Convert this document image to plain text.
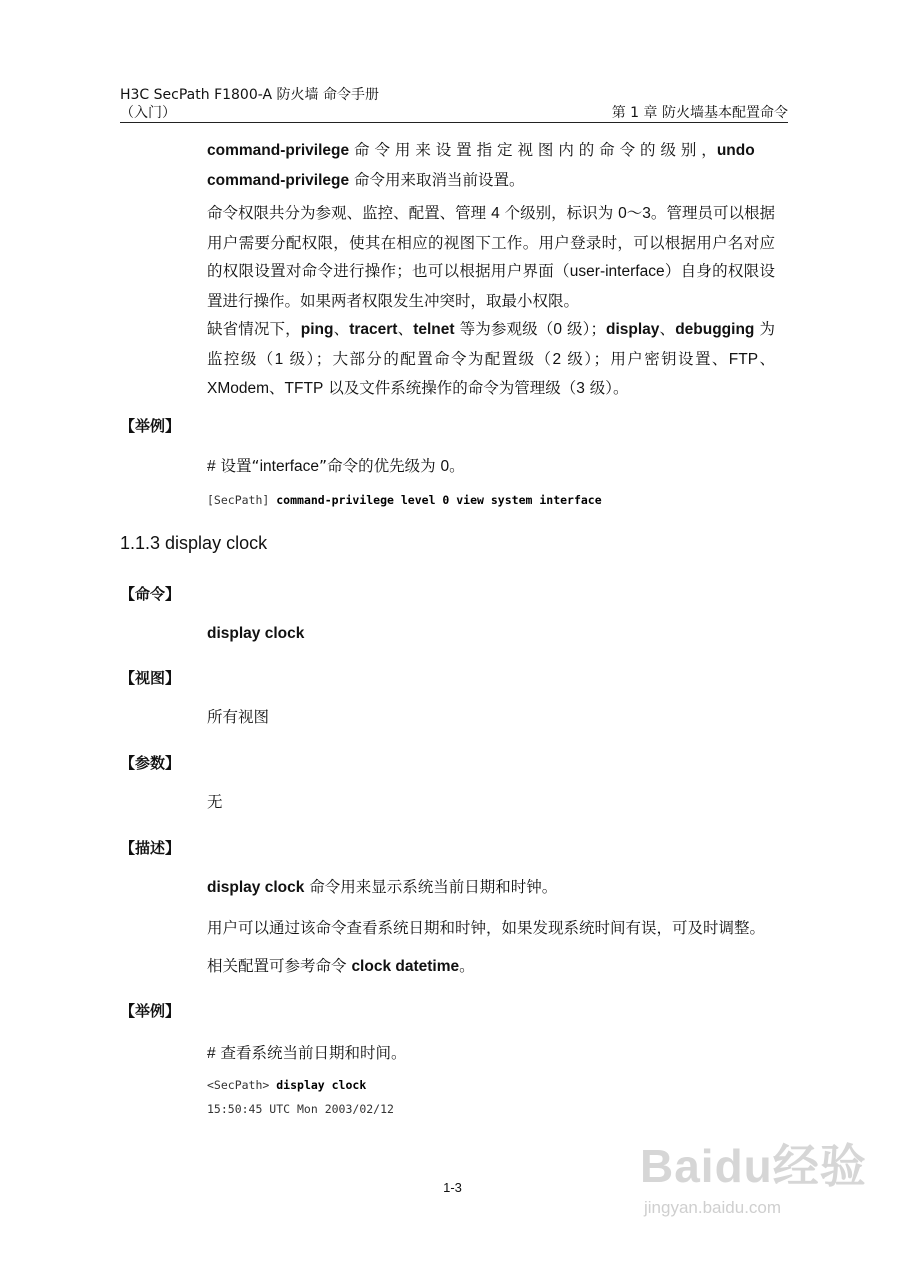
H3C SecPath F1800-A 防火墙 命令手册
（入门）	第 1 章 防火墙基本配置命令
command-privilege 命 令 用 来 设 置 指 定 视 图 内 的 命 令 的 级 别 ，undo
command-privilege 命令用来取消当前设置。
命令权限共分为参观、监控、配置、管理 4 个级别，标识为 0～3。管理员可以根据用户需要分配权限，使其在相应的视图下工作。用户登录时，可以根据用户名对应的权限设置对命令进行操作；也可以根据用户界面（user-interface）自身的权限设置进行操作。如果两者权限发生冲突时，取最小权限。
缺省情况下，ping、tracert、telnet 等为参观级（0 级）；display、debugging 为监控级（1 级）；大部分的配置命令为配置级（2 级）；用户密钥设置、FTP、XModem、TFTP 以及文件系统操作的命令为管理级（3 级）。
【举例】
# 设置“interface”命令的优先级为 0。
[SecPath] command-privilege level 0 view system interface
1.1.3 display clock
【命令】
display clock
【视图】
所有视图
【参数】
无
【描述】
display clock 命令用来显示系统当前日期和时钟。
用户可以通过该命令查看系统日期和时钟，如果发现系统时间有误，可及时调整。
相关配置可参考命令 clock datetime。
【举例】
# 查看系统当前日期和时间。
<SecPath> display clock
15:50:45 UTC Mon 2003/02/12
1-3	Baidu经验
jingyan.baidu.com
